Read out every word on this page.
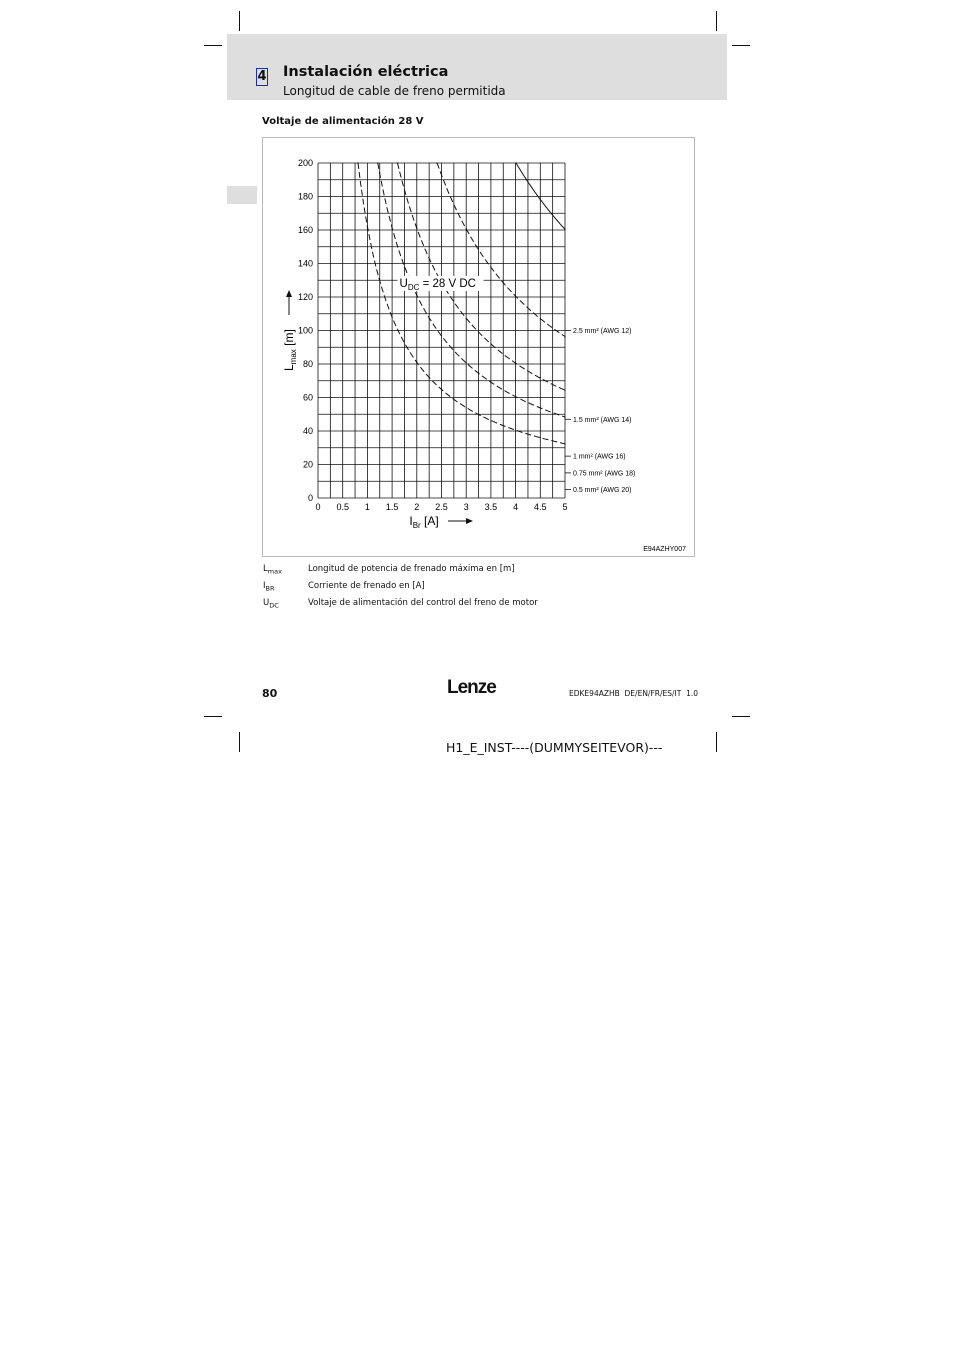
4 Instalación eléctrica
Longitud de cable de freno permitida
Voltaje de alimentación 28 V
0 0.5 1 1.5 2 2.5 3 3.5 4 4.5 5
0
20
40
60
80
100
120
140
160
180
200
2.5 mm² (AWG 12)
1.5 mm² (AWG 14)
1 mm² (AWG 16)
0.75 mm² (AWG 18)
0.5 mm² (AWG 20)
$U_{DC} = 28$ V DC
$I_{Br}$ [A]
$L_{max}$ [m]
E94AZHY007
$L_{max}$	Longitud de potencia de frenado máxima en [m]
$I_{BR}$	Corriente de frenado en [A]
$U_{DC}$	Voltaje de alimentación del control del freno de motor
80	Lenze	EDKE94AZHB  DE/EN/FR/ES/IT  1.0
H1_E_INST----(DUMMYSEITEVOR)---
